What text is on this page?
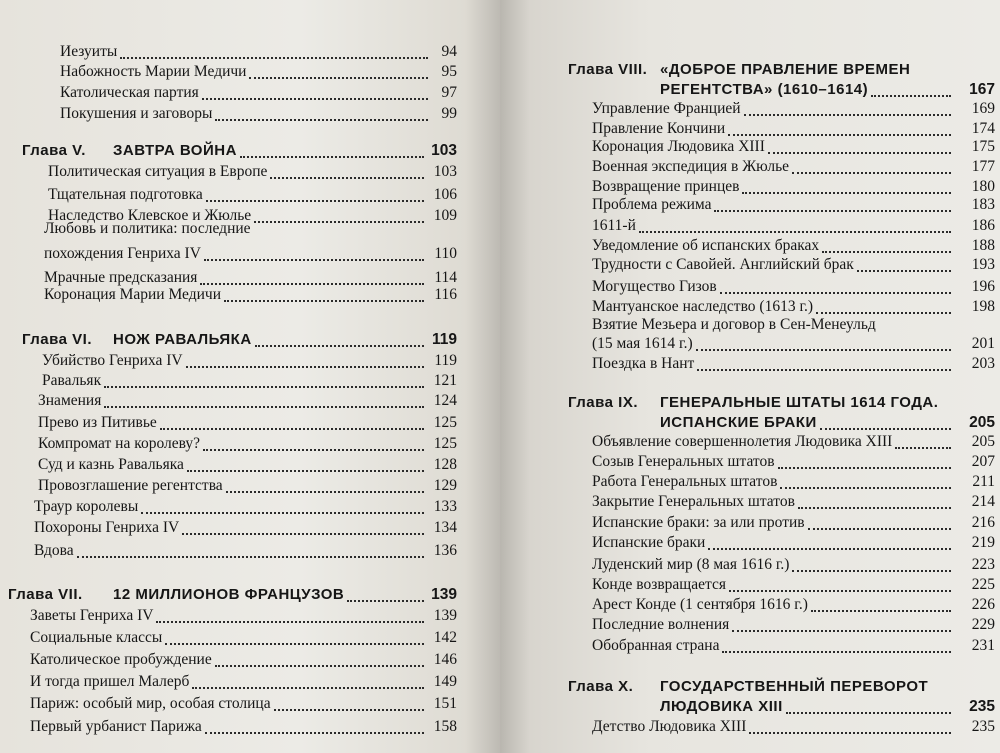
Иезуиты	94
Набожность Марии Медичи	95
Католическая партия	97
Покушения и заговоры	99
Глава V. ЗАВТРА ВОЙНА	103
Политическая ситуация в Европе	103
Тщательная подготовка	106
Наследство Клевское и Жюлье	109
Любовь и политика: последние
похождения Генриха IV	110
Мрачные предсказания	114
Коронация Марии Медичи	116
Глава VI. НОЖ РАВАЛЬЯКА	119
Убийство Генриха IV	119
Равальяк	121
Знамения	124
Прево из Питивье	125
Компромат на королеву?	125
Суд и казнь Равальяка	128
Провозглашение регентства	129
Траур королевы	133
Похороны Генриха IV	134
Вдова	136
Глава VII. 12 МИЛЛИОНОВ ФРАНЦУЗОВ	139
Заветы Генриха IV	139
Социальные классы	142
Католическое пробуждение	146
И тогда пришел Малерб	149
Париж: особый мир, особая столица	151
Первый урбанист Парижа	158
Глава VIII. «ДОБРОЕ ПРАВЛЕНИЕ ВРЕМЕН
РЕГЕНТСТВА» (1610–1614)	167
Управление Францией	169
Правление Кончини	174
Коронация Людовика XIII	175
Военная экспедиция в Жюлье	177
Возвращение принцев	180
Проблема режима	183
1611-й	186
Уведомление об испанских браках	188
Трудности с Савойей. Английский брак	193
Могущество Гизов	196
Мантуанское наследство (1613 г.)	198
Взятие Мезьера и договор в Сен-Менеульд
(15 мая 1614 г.)	201
Поездка в Нант	203
Глава IX. ГЕНЕРАЛЬНЫЕ ШТАТЫ 1614 ГОДА.
ИСПАНСКИЕ БРАКИ	205
Объявление совершеннолетия Людовика XIII	205
Созыв Генеральных штатов	207
Работа Генеральных штатов	211
Закрытие Генеральных штатов	214
Испанские браки: за или против	216
Испанские браки	219
Луденский мир (8 мая 1616 г.)	223
Конде возвращается	225
Арест Конде (1 сентября 1616 г.)	226
Последние волнения	229
Обобранная страна	231
Глава X. ГОСУДАРСТВЕННЫЙ ПЕРЕВОРОТ
ЛЮДОВИКА XIII	235
Детство Людовика XIII	235
